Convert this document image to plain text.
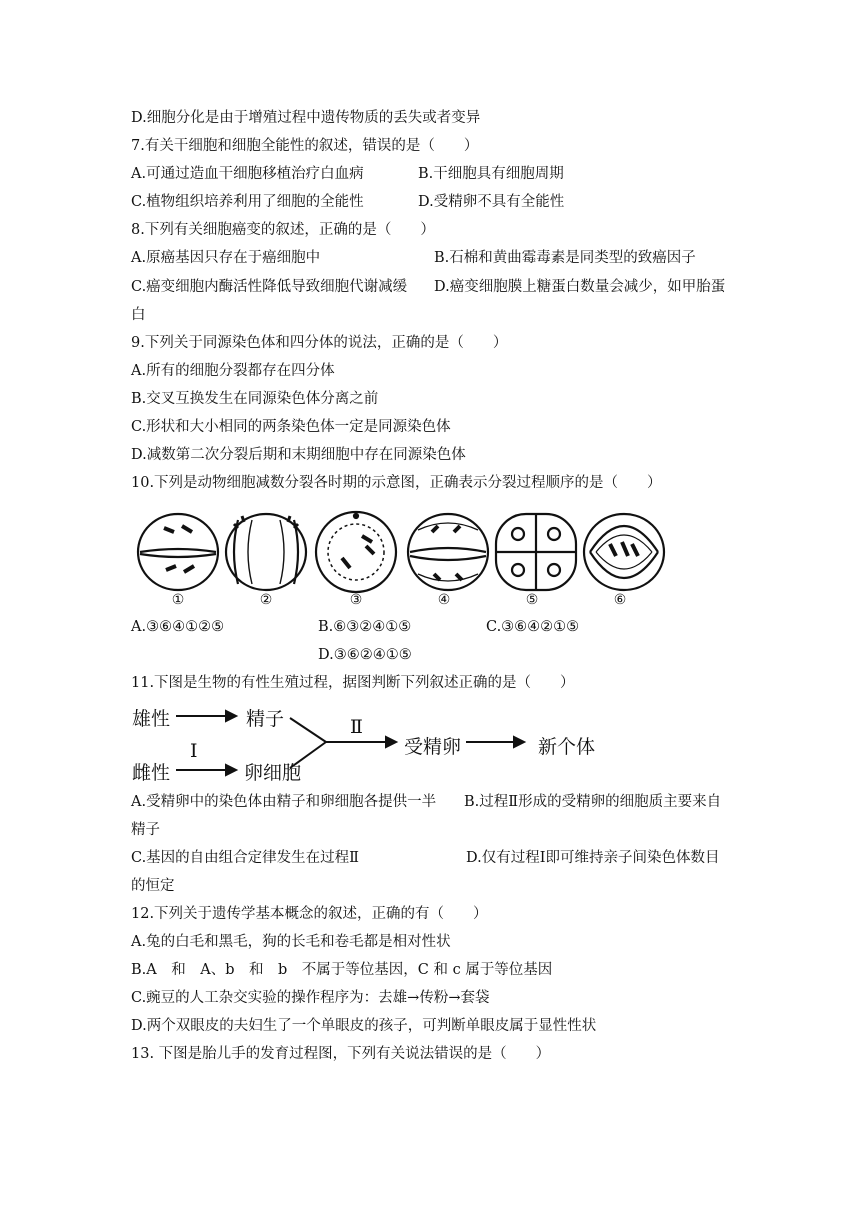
D.细胞分化是由于增殖过程中遗传物质的丢失或者变异
7.有关干细胞和细胞全能性的叙述，错误的是（　　）
A.可通过造血干细胞移植治疗白血病	B.干细胞具有细胞周期
C.植物组织培养利用了细胞的全能性	D.受精卵不具有全能性
8.下列有关细胞癌变的叙述，正确的是（　　）
A.原癌基因只存在于癌细胞中	B.石棉和黄曲霉毒素是同类型的致癌因子
C.癌变细胞内酶活性降低导致细胞代谢减缓 D.癌变细胞膜上糖蛋白数量会减少，如甲胎蛋
白
9.下列关于同源染色体和四分体的说法，正确的是（　　）
A.所有的细胞分裂都存在四分体
B.交叉互换发生在同源染色体分离之前
C.形状和大小相同的两条染色体一定是同源染色体
D.减数第二次分裂后期和末期细胞中存在同源染色体
10.下列是动物细胞减数分裂各时期的示意图，正确表示分裂过程顺序的是（　　）
①	②	③	④	⑤	⑥
A.③⑥④①②⑤	B.⑥③②④①⑤	C.③⑥④②①⑤
D.③⑥②④①⑤
11.下图是生物的有性生殖过程，据图判断下列叙述正确的是（　　）
雄性	精子
雌性
Ⅰ
卵细胞
Ⅱ
受精卵	新个体
A.受精卵中的染色体由精子和卵细胞各提供一半 B.过程Ⅱ形成的受精卵的细胞质主要来自
精子
C.基因的自由组合定律发生在过程Ⅱ	D.仅有过程Ⅰ即可维持亲子间染色体数目
的恒定
12.下列关于遗传学基本概念的叙述，正确的有（　　）
A.兔的白毛和黑毛，狗的长毛和卷毛都是相对性状
B.A　和　A、b　和　b　不属于等位基因，C 和 c 属于等位基因
C.豌豆的人工杂交实验的操作程序为：去雄→传粉→套袋
D.两个双眼皮的夫妇生了一个单眼皮的孩子，可判断单眼皮属于显性性状
13. 下图是胎儿手的发育过程图，下列有关说法错误的是（　　）
